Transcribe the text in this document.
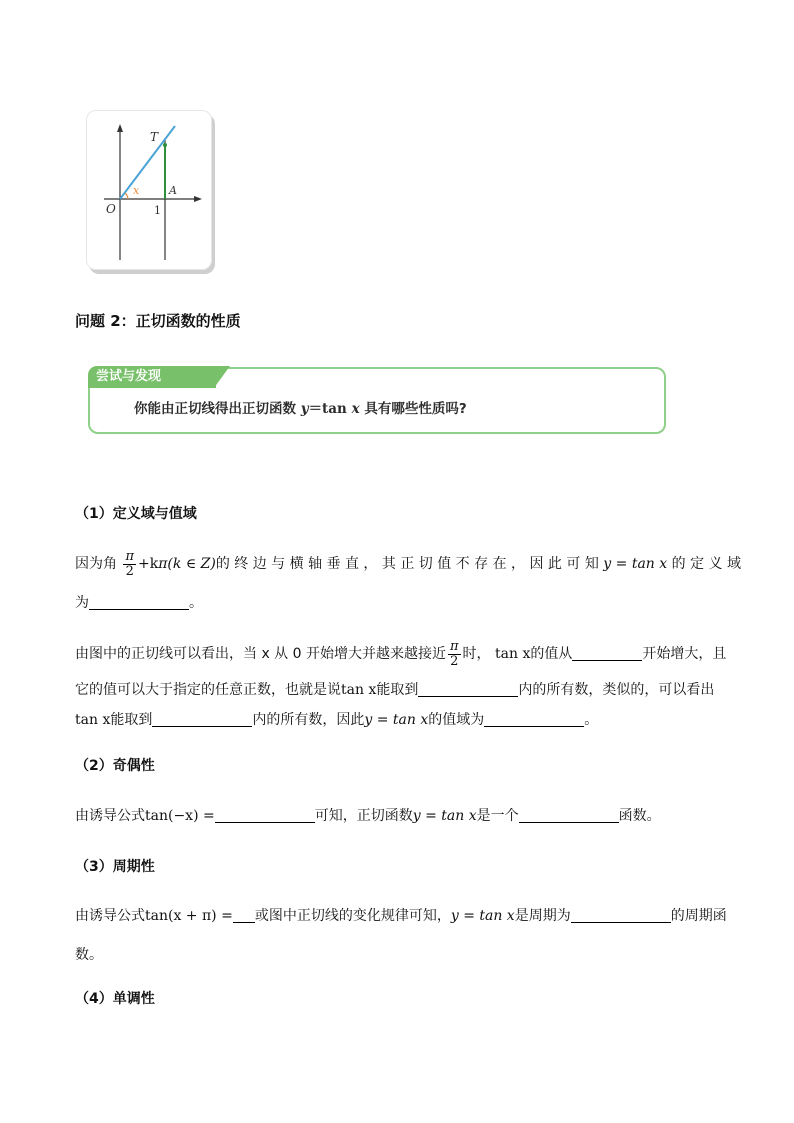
T
O
A
x
1
问题 2：正切函数的性质
尝试与发现
你能由正切线得出正切函数 y＝tan x 具有哪些性质吗?
（1）定义域与值域
因为角 $\frac{\pi}{2} +k\pi(k$ ∈ Z)的 终 边 与 横 轴 垂 直 ， 其 正 切 值 不 存 在 ， 因 此 可 知 y = tan x 的 定 义 域
为	。
由图中的正切线可以看出，当 x 从 0 开始增大并越来越接近 $\frac{\pi}{2}$ 时， tan x的值从	开始增大，且
它的值可以大于指定的任意正数，也就是说tan x能取到	内的所有数，类似的，可以看出
tan x能取到	内的所有数，因此y = tan x的值域为	。
（2）奇偶性
由诱导公式tan(−x) =	可知，正切函数y = tan x是一个	函数。
（3）周期性
由诱导公式tan(x + π) = 或图中正切线的变化规律可知，y = tan x是周期为	的周期函
数。
（4）单调性
